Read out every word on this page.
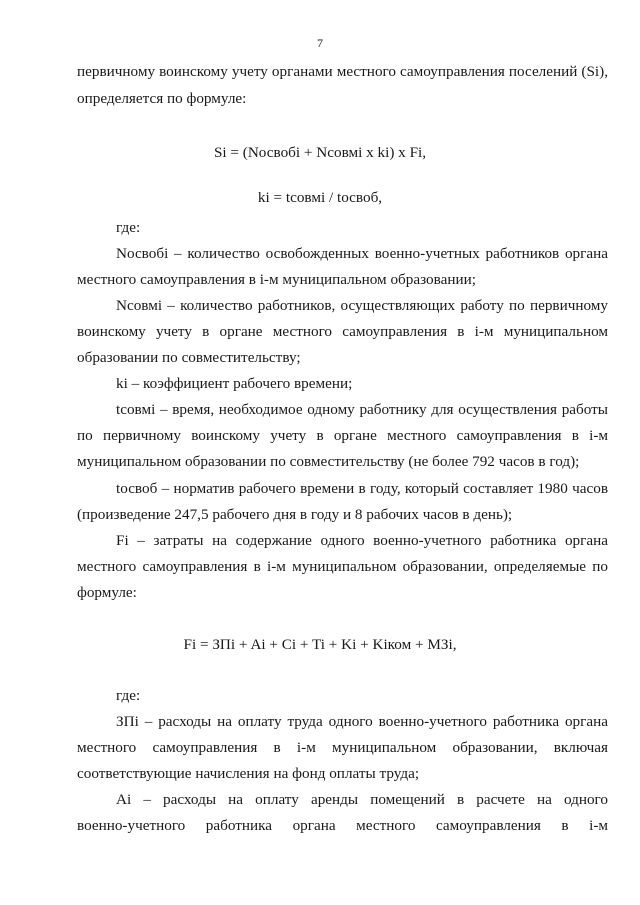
7
первичному воинскому учету органами местного самоуправления поселений (Si),
определяется по формуле:
Si = (Nосвобi + Nсовмi x ki) x Fi,
ki = tсовмi / tосвоб,
где:
Nосвобi – количество освобожденных военно-учетных работников органа
местного самоуправления в i-м муниципальном образовании;
Nсовмi – количество работников, осуществляющих работу по первичному
воинскому учету в органе местного самоуправления в i-м муниципальном
образовании по совместительству;
ki – коэффициент рабочего времени;
tсовмi – время, необходимое одному работнику для осуществления работы
по первичному воинскому учету в органе местного самоуправления в i-м
муниципальном образовании по совместительству (не более 792 часов в год);
tосвоб – норматив рабочего времени в году, который составляет 1980 часов
(произведение 247,5 рабочего дня в году и 8 рабочих часов в день);
Fi – затраты на содержание одного военно-учетного работника органа
местного самоуправления в i-м муниципальном образовании, определяемые по
формуле:
Fi = ЗПi + Ai + Ci + Ti + Ki + Kiком + МЗi,
где:
ЗПi – расходы на оплату труда одного военно-учетного работника органа
местного самоуправления в i-м муниципальном образовании, включая
соответствующие начисления на фонд оплаты труда;
Ai – расходы на оплату аренды помещений в расчете на одного
военно-учетного работника органа местного самоуправления в i-м
